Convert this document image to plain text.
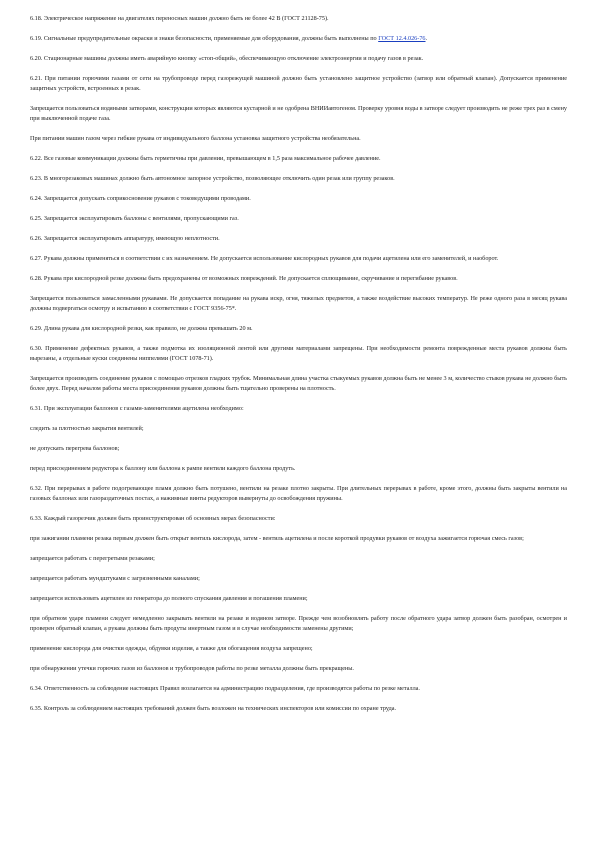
6.18. Электрическое напряжение на двигателях переносных машин должно быть не более 42 В (ГОСТ 21128-75).

6.19. Сигнальные предупредительные окраски и знаки безопасности, применяемые для оборудования, должны быть выполнены по ГОСТ 12.4.026-76.

6.20. Стационарные машины должны иметь аварийную кнопку «стоп-общий», обеспечивающую отключение электроэнергии и подачу газов в резак.

6.21. При питании горючими газами от сети на трубопроводе перед газорежущей машиной должно быть установлено защитное устройство (затвор или обратный клапан). Допускается применение защитных устройств, встроенных в резак.

Запрещается пользоваться водяными затворами, конструкции которых являются кустарной и не одобрена ВНИИавтогеном. Проверку уровня воды в затворе следует производить не реже трех раз в смену при выключенной подаче газа.

При питании машин газом через гибкие рукава от индивидуального баллона установка защитного устройства необязательна.

6.22. Все газовые коммуникации должны быть герметичны при давлении, превышающем в 1,5 раза максимальное рабочее давление.

6.23. В многорезаковых машинах должно быть автономное запорное устройство, позволяющее отключить один резак или группу резаков.

6.24. Запрещается допускать соприкосновение рукавов с токоведущими проводами.

6.25. Запрещается эксплуатировать баллоны с вентилями, пропускающими газ.

6.26. Запрещается эксплуатировать аппаратуру, имеющую неплотности.

6.27. Рукава должны применяться в соответствии с их назначением. Не допускается использование кислородных рукавов для подачи ацетилена или его заменителей, и наоборот.

6.28. Рукава при кислородной резке должны быть предохранены от возможных повреждений. Не допускается сплющивание, скручивание и перегибание рукавов.

Запрещается пользоваться замасленными рукавами. Не допускается попадание на рукава искр, огня, тяжелых предметов, а также воздействие высоких температур. Не реже одного раза в месяц рукава должны подвергаться осмотру и испытанию в соответствии с ГОСТ 9356-75*.

6.29. Длина рукава для кислородной резки, как правило, не должна превышать 20 м.

6.30. Применение дефектных рукавов, а также подмотка их изоляционной лентой или другими материалами запрещены. При необходимости ремонта поврежденные места рукавов должны быть вырезаны, а отдельные куски соединены ниппелями (ГОСТ 1078-71).

Запрещается производить соединение рукавов с помощью отрезков гладких трубок. Минимальная длина участка стыкуемых рукавов должна быть не менее 3 м, количество стыков рукава не должно быть более двух. Перед началом работы места присоединения рукавов должны быть тщательно проверены на плотность.

6.31. При эксплуатации баллонов с газами-заменителями ацетилена необходимо:

следить за плотностью закрытия вентилей;

не допускать перегрева баллонов;

перед присоединением редуктора к баллону или баллона к рампе вентили каждого баллона продуть.

6.32. При перерывах в работе подогревающее пламя должно быть потушено, вентили на резаке плотно закрыты. При длительных перерывах в работе, кроме этого, должны быть закрыты вентили на газовых баллонах или газораздаточных постах, а нажимные винты редукторов вывернуты до освобождения пружины.

6.33. Каждый газорезчик должен быть проинструктирован об основных мерах безопасности:

при зажигании пламени резака первым должен быть открыт вентиль кислорода, затем - вентиль ацетилена и после короткой продувки рукавов от воздуха зажигается горючая смесь газов;

запрещается работать с перегретыми резаками;

запрещается работать мундштуками с загрязненными каналами;

запрещается использовать ацетилен из генератора до полного спускания давления и погашения пламени;

при обратном ударе пламени следует немедленно закрывать вентили на резаке и водяном затворе. Прежде чем возобновлять работу после обратного удара затвор должен быть разобран, осмотрен и проверен обратный клапан, а рукава должны быть продуты инертным газом и в случае необходимости заменены другими;

применение кислорода для очистки одежды, обдувки изделия, а также для обогащения воздуха запрещено;

при обнаружении утечки горючих газов из баллонов и трубопроводов работы по резке металла должны быть прекращены.

6.34. Ответственность за соблюдение настоящих Правил возлагается на администрацию подразделения, где производятся работы по резке металла.

6.35. Контроль за соблюдением настоящих требований должен быть возложен на технических инспекторов или комиссии по охране труда.
